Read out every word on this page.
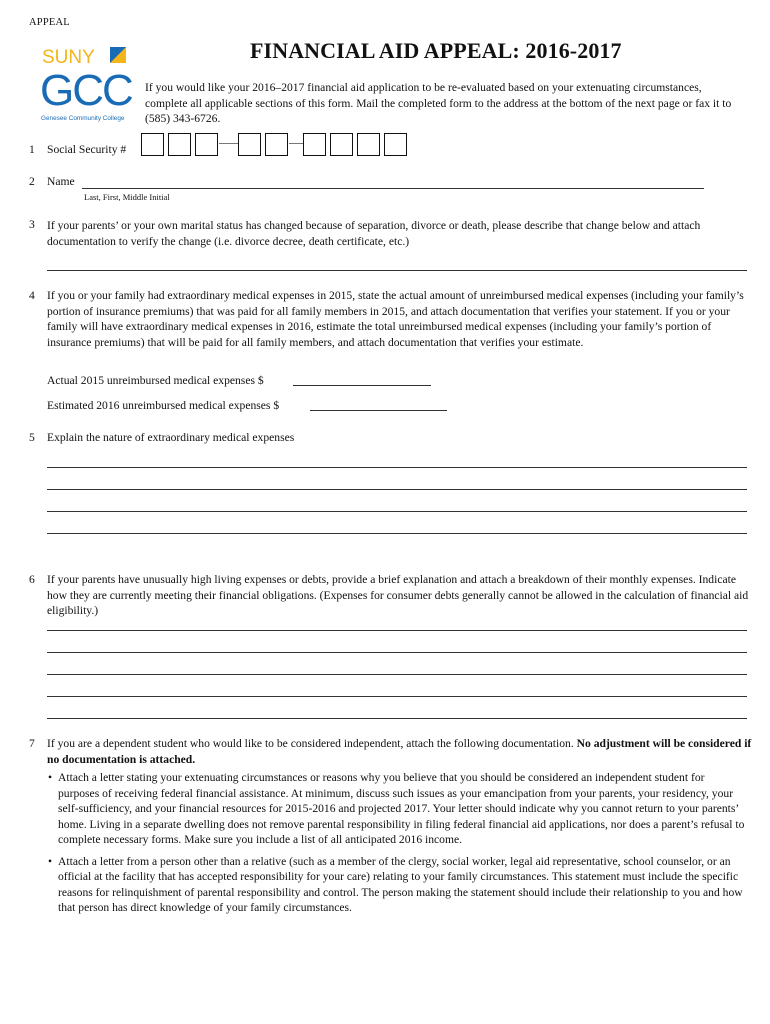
APPEAL
SUNY
GCC
Genesee Community College
FINANCIAL AID APPEAL: 2016-2017
If you would like your 2016–2017 financial aid application to be re-evaluated based on your extenuating circumstances, complete all applicable sections of this form. Mail the completed form to the address at the bottom of the next page or fax it to (585) 343-6726.
1 Social Security #
2 Name
Last, First, Middle Initial
3 If your parents’ or your own marital status has changed because of separation, divorce or death, please describe that change below and attach documentation to verify the change (i.e. divorce decree, death certificate, etc.)
4 If you or your family had extraordinary medical expenses in 2015, state the actual amount of unreimbursed medical expenses (including your family’s portion of insurance premiums) that was paid for all family members in 2015, and attach documentation that verifies your statement. If you or your family will have extraordinary medical expenses in 2016, estimate the total unreimbursed medical expenses (including your family’s portion of insurance premiums) that will be paid for all family members, and attach documentation that verifies your estimate.
Actual 2015 unreimbursed medical expenses $
Estimated 2016 unreimbursed medical expenses $
5 Explain the nature of extraordinary medical expenses
6 If your parents have unusually high living expenses or debts, provide a brief explanation and attach a breakdown of their monthly expenses. Indicate how they are currently meeting their financial obligations. (Expenses for consumer debts generally cannot be allowed in the calculation of financial aid eligibility.)
7 If you are a dependent student who would like to be considered independent, attach the following documentation. No adjustment will be considered if no documentation is attached.
• Attach a letter stating your extenuating circumstances or reasons why you believe that you should be considered an independent student for purposes of receiving federal financial assistance. At minimum, discuss such issues as your emancipation from your parents, your residency, your self-sufficiency, and your financial resources for 2015-2016 and projected 2017. Your letter should indicate why you cannot return to your parents’ home. Living in a separate dwelling does not remove parental responsibility in filing federal financial aid applications, nor does a parent’s refusal to complete necessary forms. Make sure you include a list of all anticipated 2016 income.
• Attach a letter from a person other than a relative (such as a member of the clergy, social worker, legal aid representative, school counselor, or an official at the facility that has accepted responsibility for your care) relating to your family circumstances. This statement must include the specific reasons for relinquishment of parental responsibility and control. The person making the statement should include their relationship to you and how that person has direct knowledge of your family circumstances.
